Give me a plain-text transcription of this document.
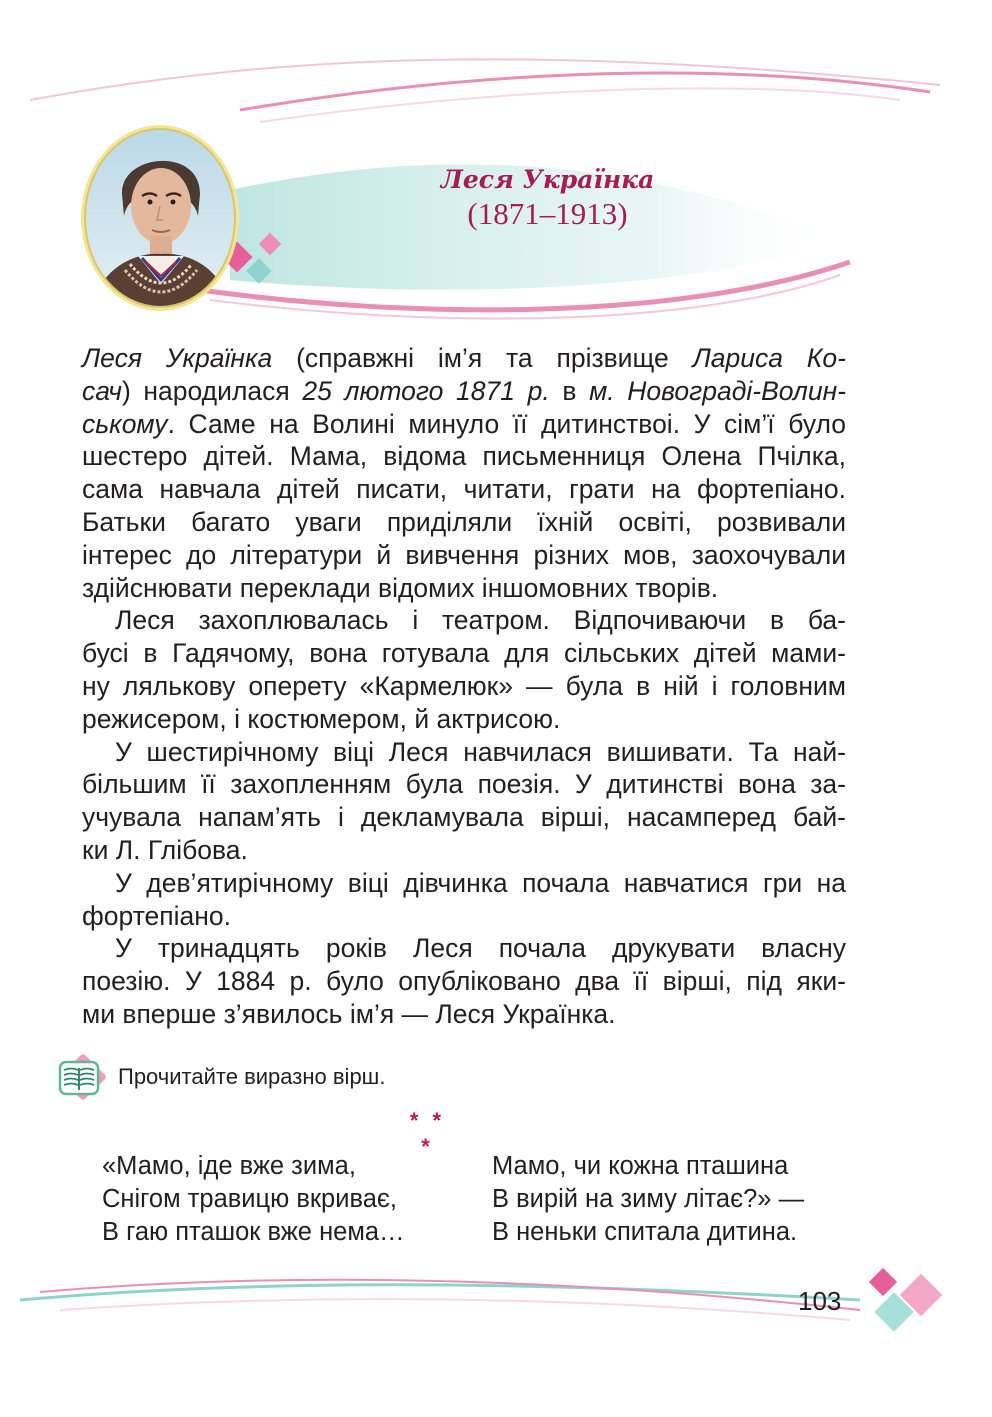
Леся Українка
(1871–1913)
Леся Українка (справжні ім’я та прізвище Лариса Ко-
сач) народилася 25 лютого 1871 р. в м. Новограді-Волин-
ському. Саме на Волині минуло її дитинствоі. У сім’ї було
шестеро дітей. Мама, відома письменниця Олена Пчілка,
сама навчала дітей писати, читати, грати на фортепіано.
Батьки багато уваги приділяли їхній освіті, розвивали
інтерес до літератури й вивчення різних мов, заохочували
здійснювати переклади відомих іншомовних творів.
Леся захоплювалась і театром. Відпочиваючи в ба-
бусі в Гадячому, вона готувала для сільських дітей мами-
ну лялькову оперету «Кармелюк» — була в ній і головним
режисером, і костюмером, й актрисою.
У шестирічному віці Леся навчилася вишивати. Та най-
більшим її захопленням була поезія. У дитинстві вона за-
учувала напам’ять і декламувала вірші, насамперед бай-
ки Л. Глібова.
У дев’ятирічному віці дівчинка почала навчатися гри на
фортепіано.
У тринадцять років Леся почала друкувати власну
поезію. У 1884 р. було опубліковано два її вірші, під яки-
ми вперше з’явилось ім’я — Леся Українка.
Прочитайте виразно вірш.
* * *
«Мамо, іде вже зима,
Снігом травицю вкриває,
В гаю пташок вже нема…
Мамо, чи кожна пташина
В вирій на зиму літає?» —
В неньки спитала дитина.
103
